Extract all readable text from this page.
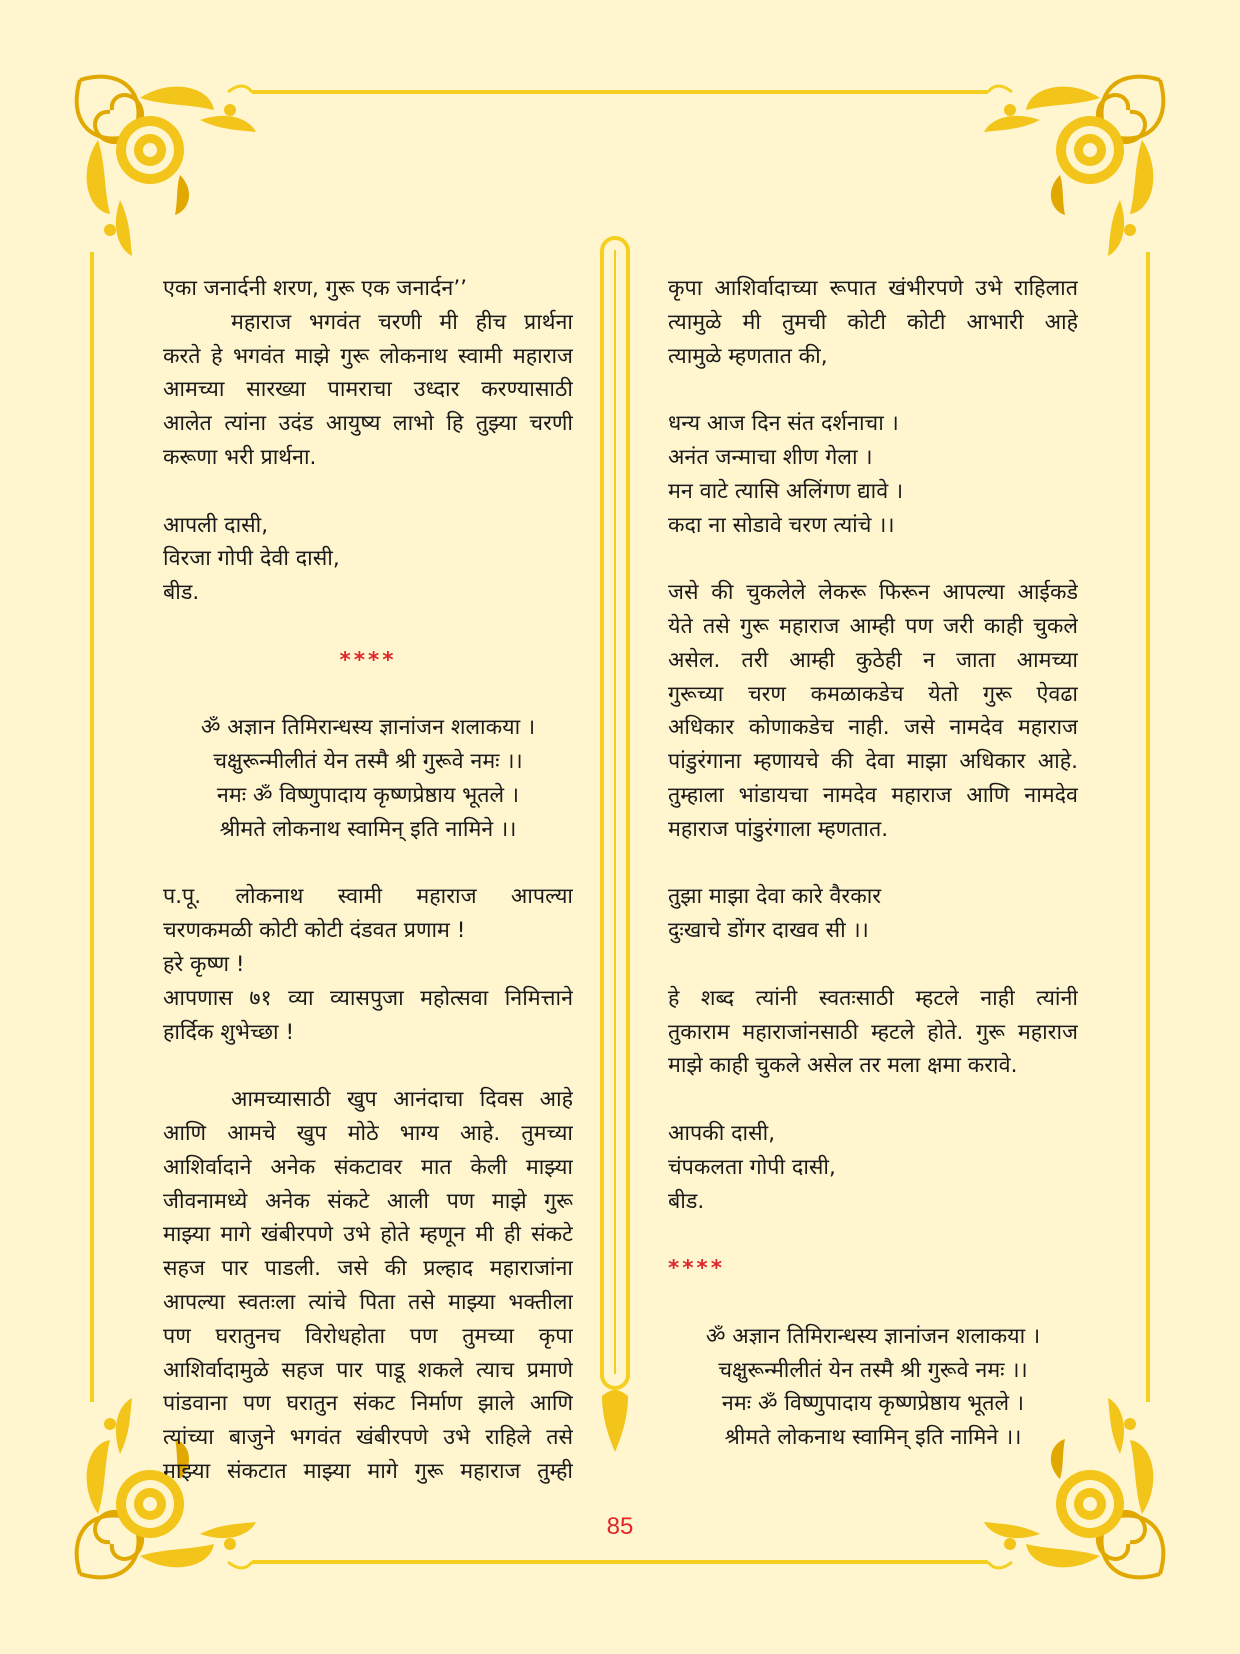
एका जनार्दनी शरण, गुरू एक जनार्दन’’
महाराज भगवंत चरणी मी हीच प्रार्थना
करते हे भगवंत माझे गुरू लोकनाथ स्वामी महाराज
आमच्या सारख्या पामराचा उध्दार करण्यासाठी
आलेत त्यांना उदंड आयुष्य लाभो हि तुझ्या चरणी
करूणा भरी प्रार्थना.
आपली दासी,
विरजा गोपी देवी दासी,
बीड.
****
ॐ अज्ञान तिमिरान्धस्य ज्ञानांजन शलाकया ।
चक्षुरून्मीलीतं येन तस्मै श्री गुरूवे नमः ।।
नमः ॐ विष्णुपादाय कृष्णप्रेष्ठाय भूतले ।
श्रीमते लोकनाथ स्वामिन् इति नामिने ।।
प.पू. लोकनाथ स्वामी महाराज आपल्या
चरणकमळी कोटी कोटी दंडवत प्रणाम !
हरे कृष्ण !
आपणास ७१ व्या व्यासपुजा महोत्सवा निमित्ताने
हार्दिक शुभेच्छा !
आमच्यासाठी खुप आनंदाचा दिवस आहे
आणि आमचे खुप मोठे भाग्य आहे. तुमच्या
आशिर्वादाने अनेक संकटावर मात केली माझ्या
जीवनामध्ये अनेक संकटे आली पण माझे गुरू
माझ्या मागे खंबीरपणे उभे होते म्हणून मी ही संकटे
सहज पार पाडली. जसे की प्रल्हाद महाराजांना
आपल्या स्वतःला त्यांचे पिता तसे माझ्या भक्तीला
पण घरातुनच विरोधहोता पण तुमच्या कृपा
आशिर्वादामुळे सहज पार पाडू शकले त्याच प्रमाणे
पांडवाना पण घरातुन संकट निर्माण झाले आणि
त्यांच्या बाजुने भगवंत खंबीरपणे उभे राहिले तसे
माझ्या संकटात माझ्या मागे गुरू महाराज तुम्ही
कृपा आशिर्वादाच्या रूपात खंभीरपणे उभे राहिलात
त्यामुळे मी तुमची कोटी कोटी आभारी आहे
त्यामुळे म्हणतात की,
धन्य आज दिन संत दर्शनाचा ।
अनंत जन्माचा शीण गेला ।
मन वाटे त्यासि अलिंगण द्यावे ।
कदा ना सोडावे चरण त्यांचे ।।
जसे की चुकलेले लेकरू फिरून आपल्या आईकडे
येते तसे गुरू महाराज आम्ही पण जरी काही चुकले
असेल. तरी आम्ही कुठेही न जाता आमच्या
गुरूच्या चरण कमळाकडेच येतो गुरू ऐवढा
अधिकार कोणाकडेच नाही. जसे नामदेव महाराज
पांडुरंगाना म्हणायचे की देवा माझा अधिकार आहे.
तुम्हाला भांडायचा नामदेव महाराज आणि नामदेव
महाराज पांडुरंगाला म्हणतात.
तुझा माझा देवा कारे वैरकार
दुःखाचे डोंगर दाखव सी ।।
हे शब्द त्यांनी स्वतःसाठी म्हटले नाही त्यांनी
तुकाराम महाराजांनसाठी म्हटले होते. गुरू महाराज
माझे काही चुकले असेल तर मला क्षमा करावे.
आपकी दासी,
चंपकलता गोपी दासी,
बीड.
****
ॐ अज्ञान तिमिरान्धस्य ज्ञानांजन शलाकया ।
चक्षुरून्मीलीतं येन तस्मै श्री गुरूवे नमः ।।
नमः ॐ विष्णुपादाय कृष्णप्रेष्ठाय भूतले ।
श्रीमते लोकनाथ स्वामिन् इति नामिने ।।
85
